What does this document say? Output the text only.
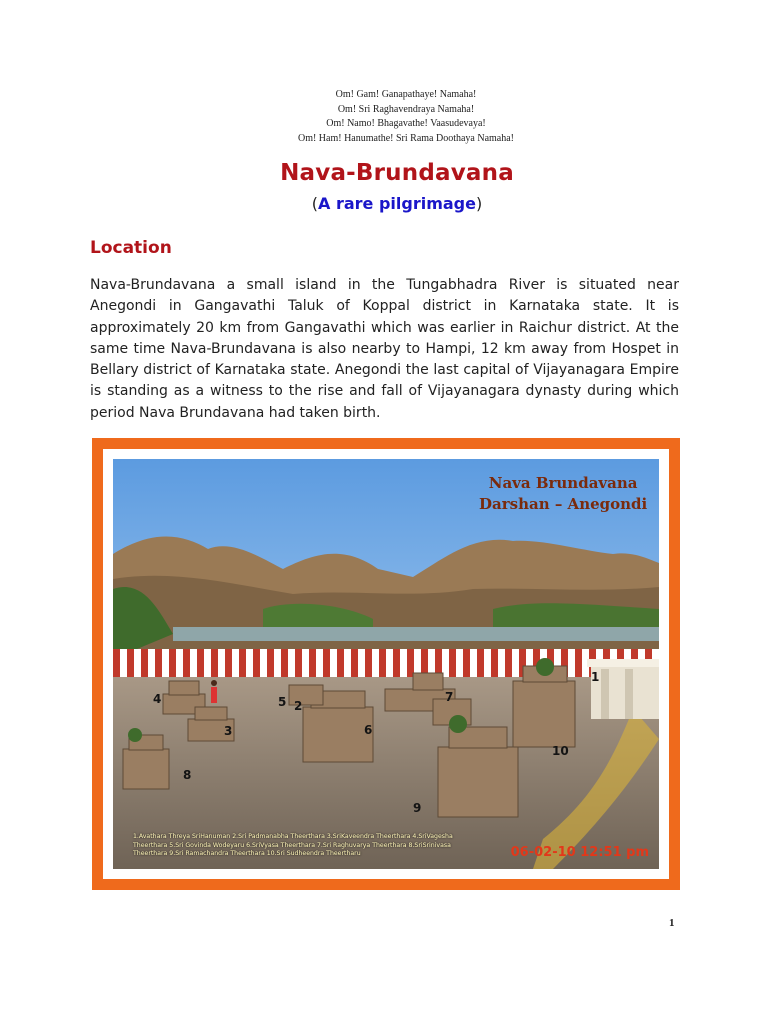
Om! Gam! Ganapathaye! Namaha!
Om! Sri Raghavendraya Namaha!
Om! Namo! Bhagavathe! Vaasudevaya!
Om! Ham! Hanumathe! Sri Rama Doothaya Namaha!
Nava-Brundavana
(A rare pilgrimage)
Location
Nava-Brundavana a small island in the Tungabhadra River is situated near Anegondi in Gangavathi Taluk of Koppal district in Karnataka state. It is approximately 20 km from Gangavathi which was earlier in Raichur district. At the same time Nava-Brundavana is also nearby to Hampi, 12 km away from Hospet in Bellary district of Karnataka state. Anegondi the last capital of Vijayanagara Empire is standing as a witness to the rise and fall of Vijayanagara dynasty during which period Nava Brundavana had taken birth.
1
2
3
4	5
6
7
8
9
10
Nava Brundavana
Darshan – Anegondi
1.Avathara Threya SriHanuman 2.Sri Padmanabha Theerthara 3.SriKaveendra Theerthara 4.SriVagesha Theerthara 5.Sri Govinda Wodeyaru 6.SriVyasa Theerthara 7.Sri Raghuvarya Theerthara 8.SriSrinivasa Theerthara 9.Sri Ramachandra Theerthara 10.Sri Sudheendra Theertharu	06-02-10 12:51 pm
1
